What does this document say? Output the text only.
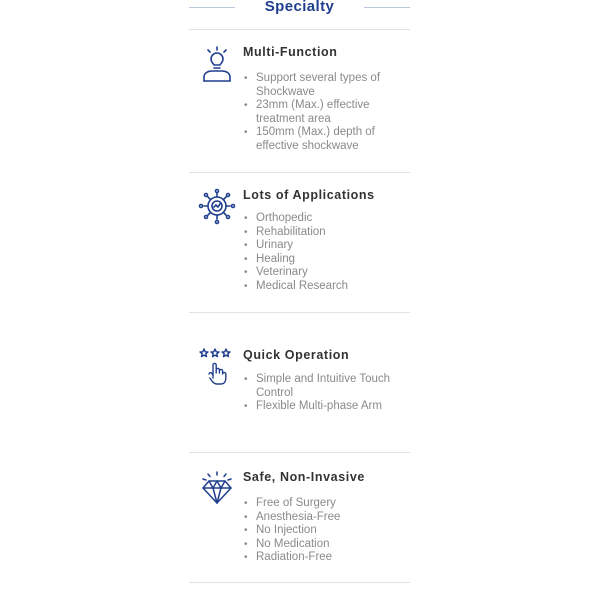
Specialty
Multi-Function
• Support several types of Shockwave
• 23mm (Max.) effective treatment area
• 150mm (Max.) depth of effective shockwave
Lots of Applications
• Orthopedic
• Rehabilitation
• Urinary
• Healing
• Veterinary
• Medical Research
Quick Operation
• Simple and Intuitive Touch Control
• Flexible Multi-phase Arm
Safe, Non-Invasive
• Free of Surgery
• Anesthesia-Free
• No Injection
• No Medication
• Radiation-Free
